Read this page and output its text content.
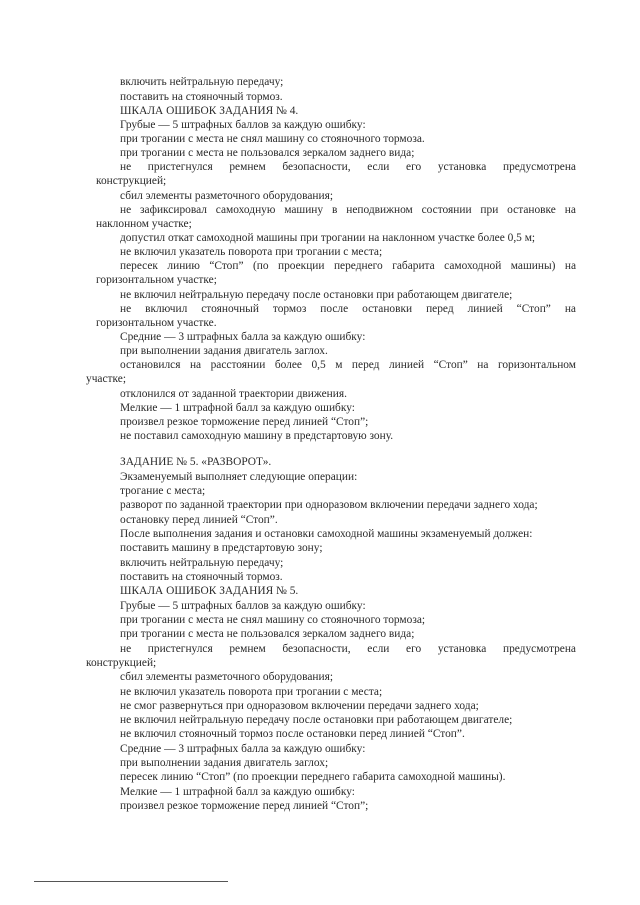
включить нейтральную передачу;
поставить на стояночный тормоз.
ШКАЛА ОШИБОК ЗАДАНИЯ № 4.
Грубые — 5 штрафных баллов за каждую ошибку:
при трогании с места не снял машину со стояночного тормоза.
при трогании с места не пользовался зеркалом заднего вида;
не пристегнулся ремнем безопасности, если его установка предусмотрена
конструкцией;
сбил элементы разметочного оборудования;
не зафиксировал самоходную машину в неподвижном состоянии при остановке на
наклонном участке;
допустил откат самоходной машины при трогании на наклонном участке более 0,5 м;
не включил указатель поворота при трогании с места;
пересек линию “Стоп” (по проекции переднего габарита самоходной машины) на
горизонтальном участке;
не включил нейтральную передачу после остановки при работающем двигателе;
не включил стояночный тормоз после остановки перед линией “Стоп” на
горизонтальном участке.
Средние — 3 штрафных балла за каждую ошибку:
при выполнении задания двигатель заглох.
остановился на расстоянии более 0,5 м перед линией “Стоп” на горизонтальном
участке;
отклонился от заданной траектории движения.
Мелкие — 1 штрафной балл за каждую ошибку:
произвел резкое торможение перед линией “Стоп”;
не поставил самоходную машину в предстартовую зону.
ЗАДАНИЕ № 5. «РАЗВОРОТ».
Экзаменуемый выполняет следующие операции:
трогание с места;
разворот по заданной траектории при одноразовом включении передачи заднего хода;
остановку перед линией “Стоп”.
После выполнения задания и остановки самоходной машины экзаменуемый должен:
поставить машину в предстартовую зону;
включить нейтральную передачу;
поставить на стояночный тормоз.
ШКАЛА ОШИБОК ЗАДАНИЯ № 5.
Грубые — 5 штрафных баллов за каждую ошибку:
при трогании с места не снял машину со стояночного тормоза;
при трогании с места не пользовался зеркалом заднего вида;
не пристегнулся ремнем безопасности, если его установка предусмотрена
конструкцией;
сбил элементы разметочного оборудования;
не включил указатель поворота при трогании с места;
не смог развернуться при одноразовом включении передачи заднего хода;
не включил нейтральную передачу после остановки при работающем двигателе;
не включил стояночный тормоз после остановки перед линией “Стоп”.
Средние — 3 штрафных балла за каждую ошибку:
при выполнении задания двигатель заглох;
пересек линию “Стоп” (по проекции переднего габарита самоходной машины).
Мелкие — 1 штрафной балл за каждую ошибку:
произвел резкое торможение перед линией “Стоп”;
